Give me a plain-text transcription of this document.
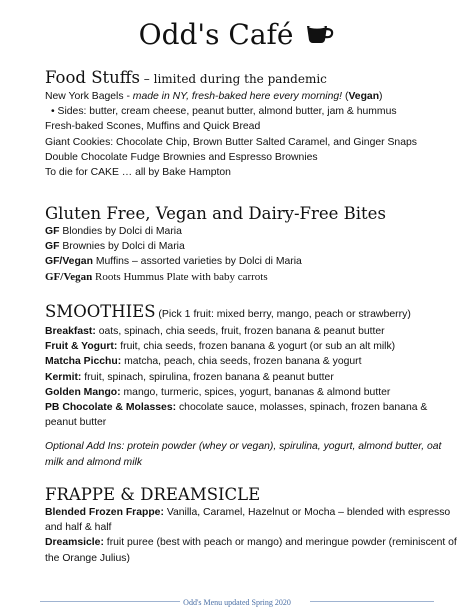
Odd's Café
Food Stuffs – limited during the pandemic
New York Bagels - made in NY, fresh-baked here every morning! (Vegan)
• Sides: butter, cream cheese, peanut butter, almond butter, jam & hummus
Fresh-baked Scones, Muffins and Quick Bread
Giant Cookies: Chocolate Chip, Brown Butter Salted Caramel, and Ginger Snaps
Double Chocolate Fudge Brownies and Espresso Brownies
To die for CAKE … all by Bake Hampton
Gluten Free, Vegan and Dairy-Free Bites
GF Blondies by Dolci di Maria
GF Brownies by Dolci di Maria
GF/Vegan Muffins – assorted varieties by Dolci di Maria
GF/Vegan Roots Hummus Plate with baby carrots
SMOOTHIES (Pick 1 fruit: mixed berry, mango, peach or strawberry)
Breakfast: oats, spinach, chia seeds, fruit, frozen banana & peanut butter
Fruit & Yogurt: fruit, chia seeds, frozen banana & yogurt (or sub an alt milk)
Matcha Picchu: matcha, peach, chia seeds, frozen banana & yogurt
Kermit: fruit, spinach, spirulina, frozen banana & peanut butter
Golden Mango: mango, turmeric, spices, yogurt, bananas & almond butter
PB Chocolate & Molasses: chocolate sauce, molasses, spinach, frozen banana & peanut butter
Optional Add Ins: protein powder (whey or vegan), spirulina, yogurt, almond butter, oat milk and almond milk
FRAPPE & DREAMSICLE
Blended Frozen Frappe: Vanilla, Caramel, Hazelnut or Mocha – blended with espresso and half & half
Dreamsicle: fruit puree (best with peach or mango) and meringue powder (reminiscent of the Orange Julius)
Odd's Menu updated Spring 2020
